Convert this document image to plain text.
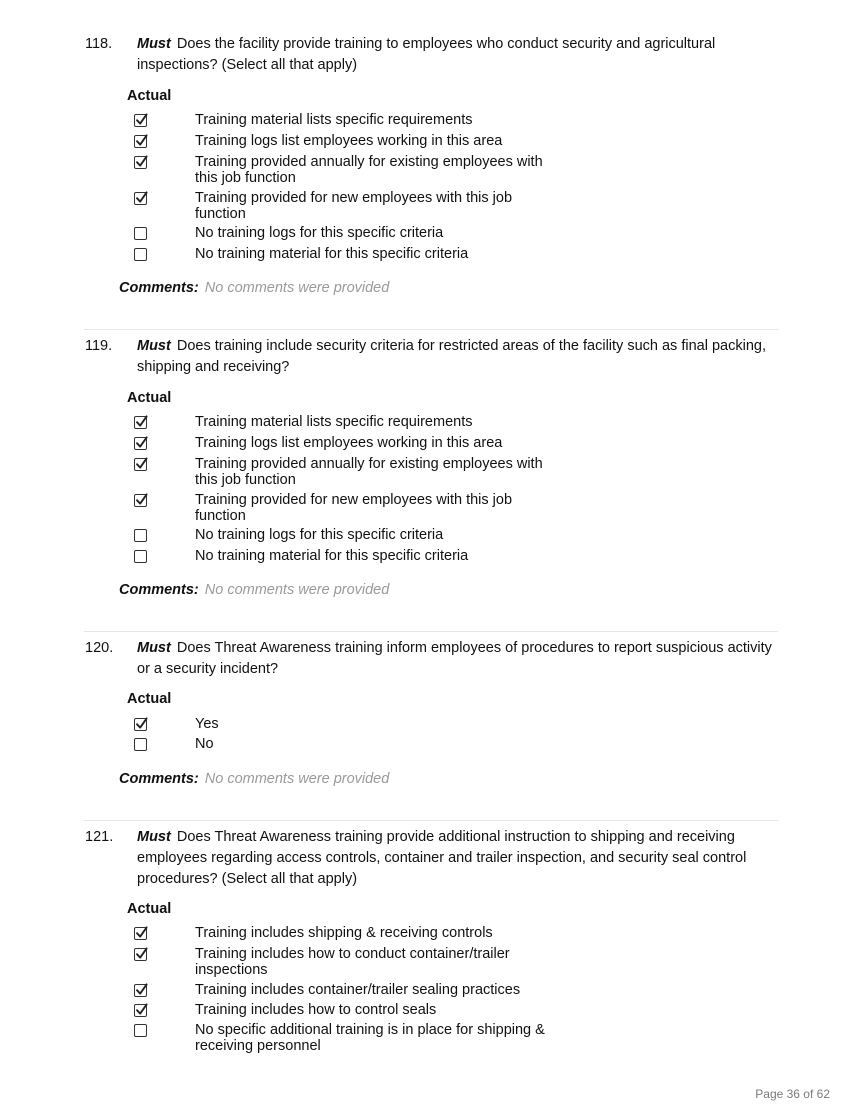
118.	Must Does the facility provide training to employees who conduct security and agricultural inspections? (Select all that apply)
Actual
Training material lists specific requirements
Training logs list employees working in this area
Training provided annually for existing employees with this job function
Training provided for new employees with this job function
No training logs for this specific criteria
No training material for this specific criteria
Comments: No comments were provided
119.	Must Does training include security criteria for restricted areas of the facility such as final packing, shipping and receiving?
Actual
Training material lists specific requirements
Training logs list employees working in this area
Training provided annually for existing employees with this job function
Training provided for new employees with this job function
No training logs for this specific criteria
No training material for this specific criteria
Comments: No comments were provided
120.	Must Does Threat Awareness training inform employees of procedures to report suspicious activity or a security incident?
Actual
Yes
No
Comments: No comments were provided
121.	Must Does Threat Awareness training provide additional instruction to shipping and receiving employees regarding access controls, container and trailer inspection, and security seal control procedures? (Select all that apply)
Actual
Training includes shipping & receiving controls
Training includes how to conduct container/trailer inspections
Training includes container/trailer sealing practices
Training includes how to control seals
No specific additional training is in place for shipping & receiving personnel
Page 36 of 62
